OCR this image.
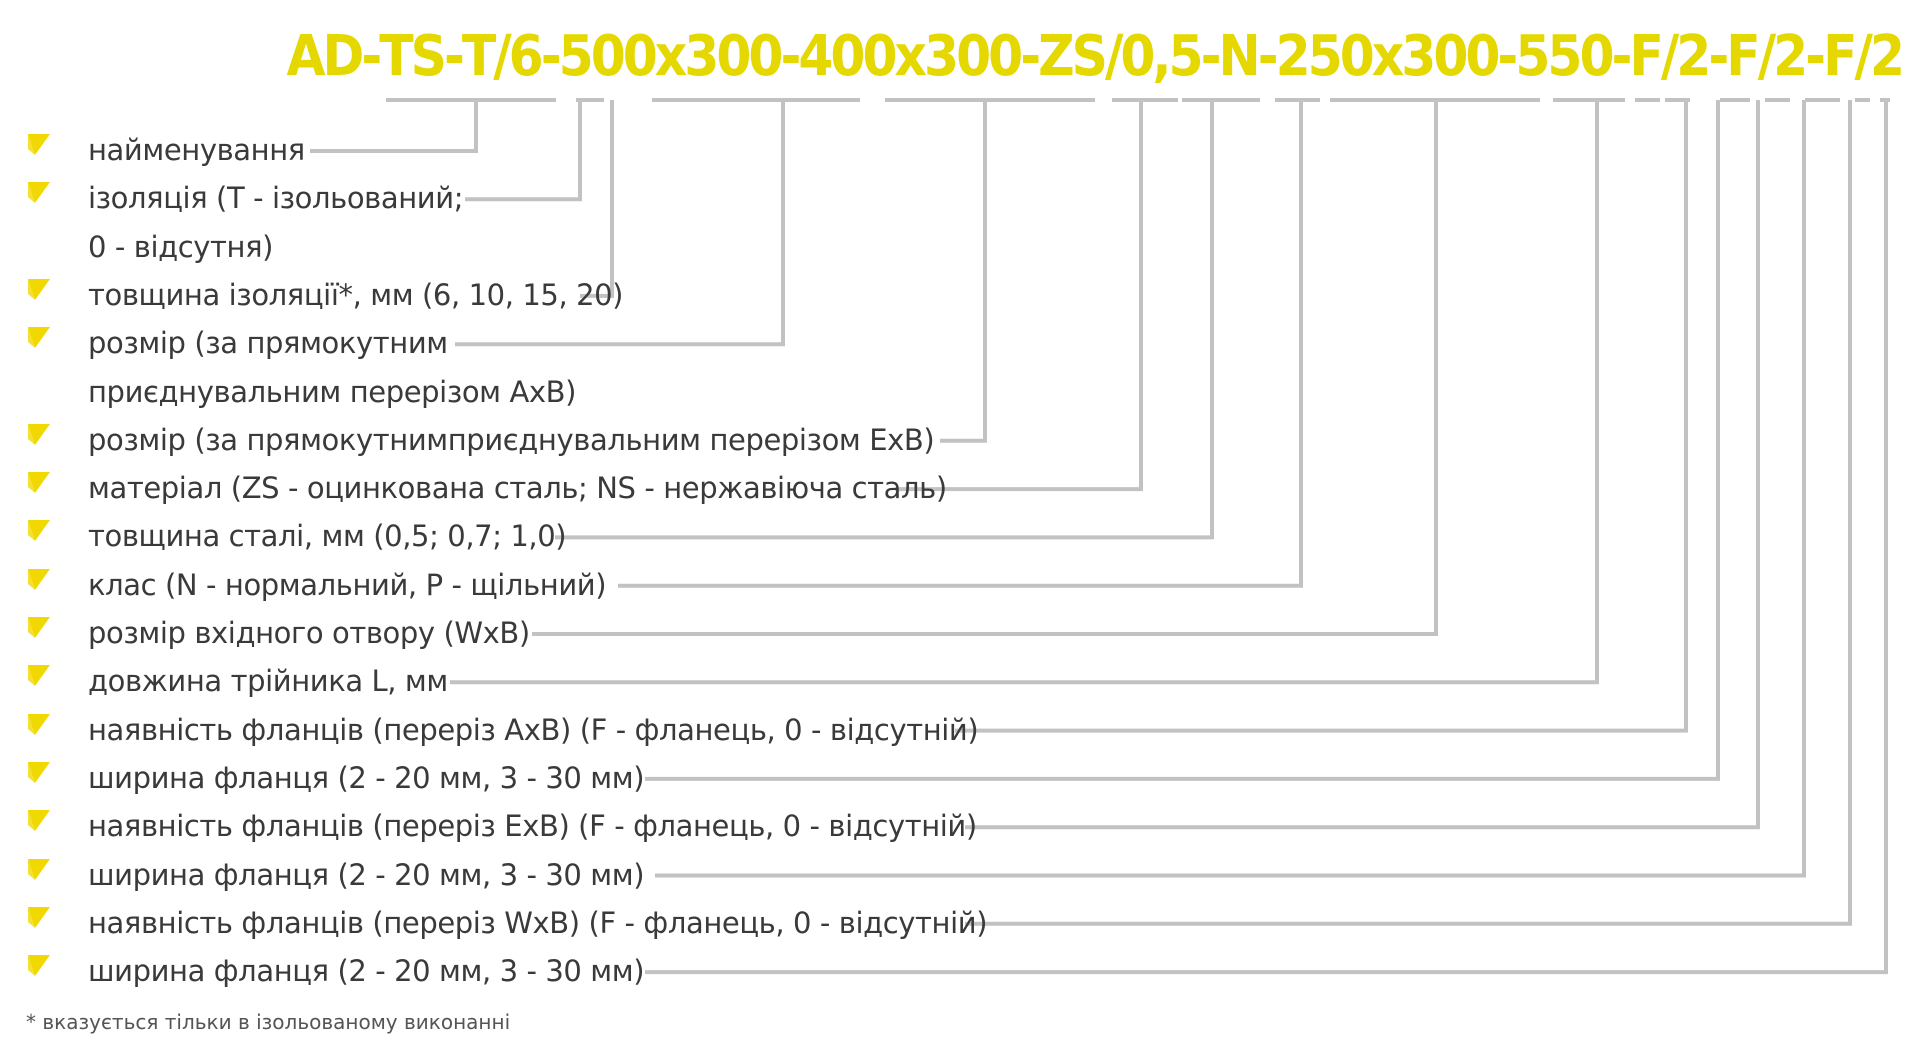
AD-TS-T/6-500x300-400x300-ZS/0,5-N-250x300-550-F/2-F/2-F/2
найменування
ізоляція (T - ізольований;
0 - відсутня)
товщина ізоляції*, мм (6, 10, 15, 20)
розмір (за прямокутним
приєднувальним перерізом AxB)
розмір (за прямокутнимприєднувальним перерізом ExB)
матеріал (ZS - оцинкована сталь; NS - нержавіюча сталь)
товщина сталі, мм (0,5; 0,7; 1,0)
клас (N - нормальний, P - щільний)
розмір вхідного отвору (WxB)
довжина трійника L, мм
наявність фланців (переріз AxB) (F - фланець, 0 - відсутній)
ширина фланця (2 - 20 мм, 3 - 30 мм)
наявність фланців (переріз ExB) (F - фланець, 0 - відсутній)
ширина фланця (2 - 20 мм, 3 - 30 мм)
наявність фланців (переріз WxB) (F - фланець, 0 - відсутній)
ширина фланця (2 - 20 мм, 3 - 30 мм)
* вказується тільки в ізольованому виконанні
